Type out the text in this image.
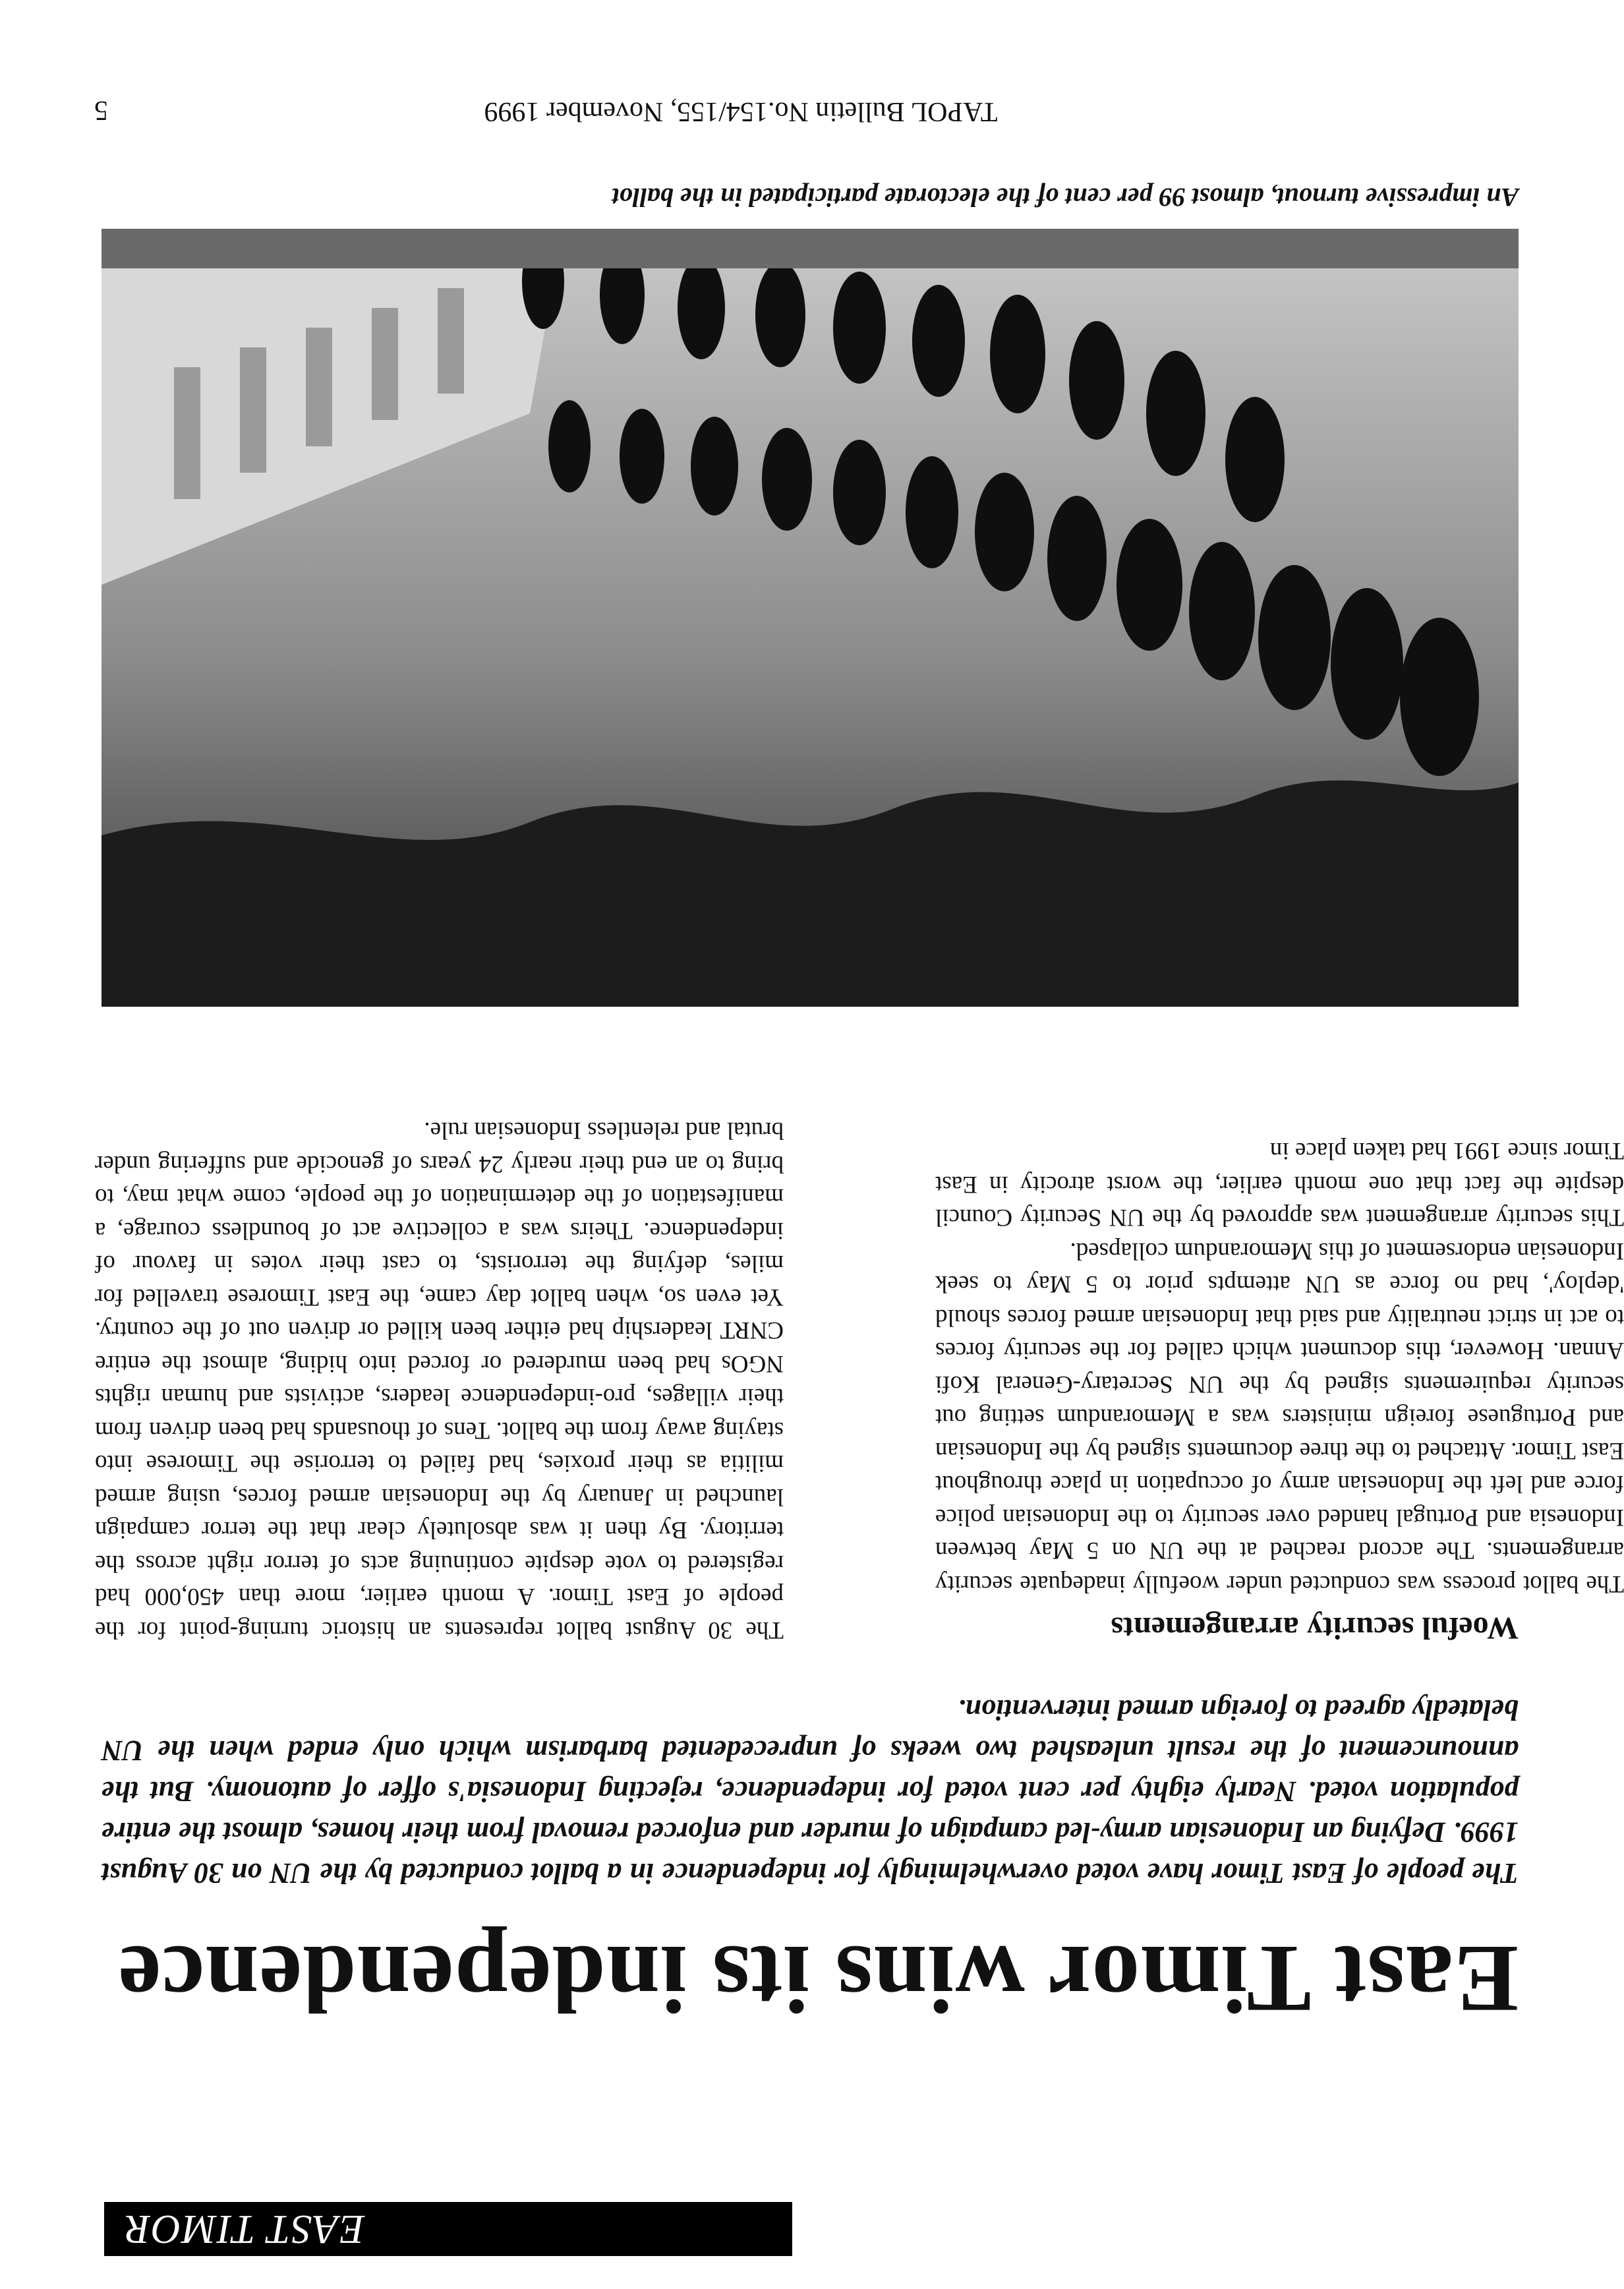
EAST TIMOR
East Timor wins its independence

The people of East Timor have voted overwhelmingly for independence in a ballot conducted by the UN on 30 August 1999. Defying an Indonesian army-led campaign of murder and enforced removal from their homes, almost the entire population voted. Nearly eighty per cent voted for independence, rejecting Indonesia's offer of autonomy. But the announcement of the result unleashed two weeks of unprecedented barbarism which only ended when the UN belatedly agreed to foreign armed intervention.

The 30 August ballot represents an historic turning-point for the people of East Timor. A month earlier, more than 450,000 had registered to vote despite continuing acts of terror right across the territory. By then it was absolutely clear that the terror campaign launched in January by the Indonesian armed forces, using armed militia as their proxies, had failed to terrorise the Timorese into staying away from the ballot. Tens of thousands had been driven from their villages, pro-independence leaders, activists and human rights NGOs had been murdered or forced into hiding, almost the entire CNRT leadership had either been killed or driven out of the country. Yet even so, when ballot day came, the East Timorese travelled for miles, defying the terrorists, to cast their votes in favour of independence. Theirs was a collective act of boundless courage, a manifestation of the determination of the people, come what may, to bring to an end their nearly 24 years of genocide and suffering under brutal and relentless Indonesian rule.

Woeful security arrangements

The ballot process was conducted under woefully inadequate security arrangements. The accord reached at the UN on 5 May between Indonesia and Portugal handed over security to the Indonesian police force and left the Indonesian army of occupation in place throughout East Timor. Attached to the three documents signed by the Indonesian and Portuguese foreign ministers was a Memorandum setting out security requirements signed by the UN Secretary-General Kofi Annan. However, this document which called for the security forces to act in strict neutrality and said that Indonesian armed forces should 'deploy', had no force as UN attempts prior to 5 May to seek Indonesian endorsement of this Memorandum collapsed.
This security arrangement was approved by the UN Security Council despite the fact that one month earlier, the worst atrocity in East Timor since 1991 had taken place in

An impressive turnout, almost 99 per cent of the electorate participated in the ballot

TAPOL Bulletin No.154/155, November 1999

5
